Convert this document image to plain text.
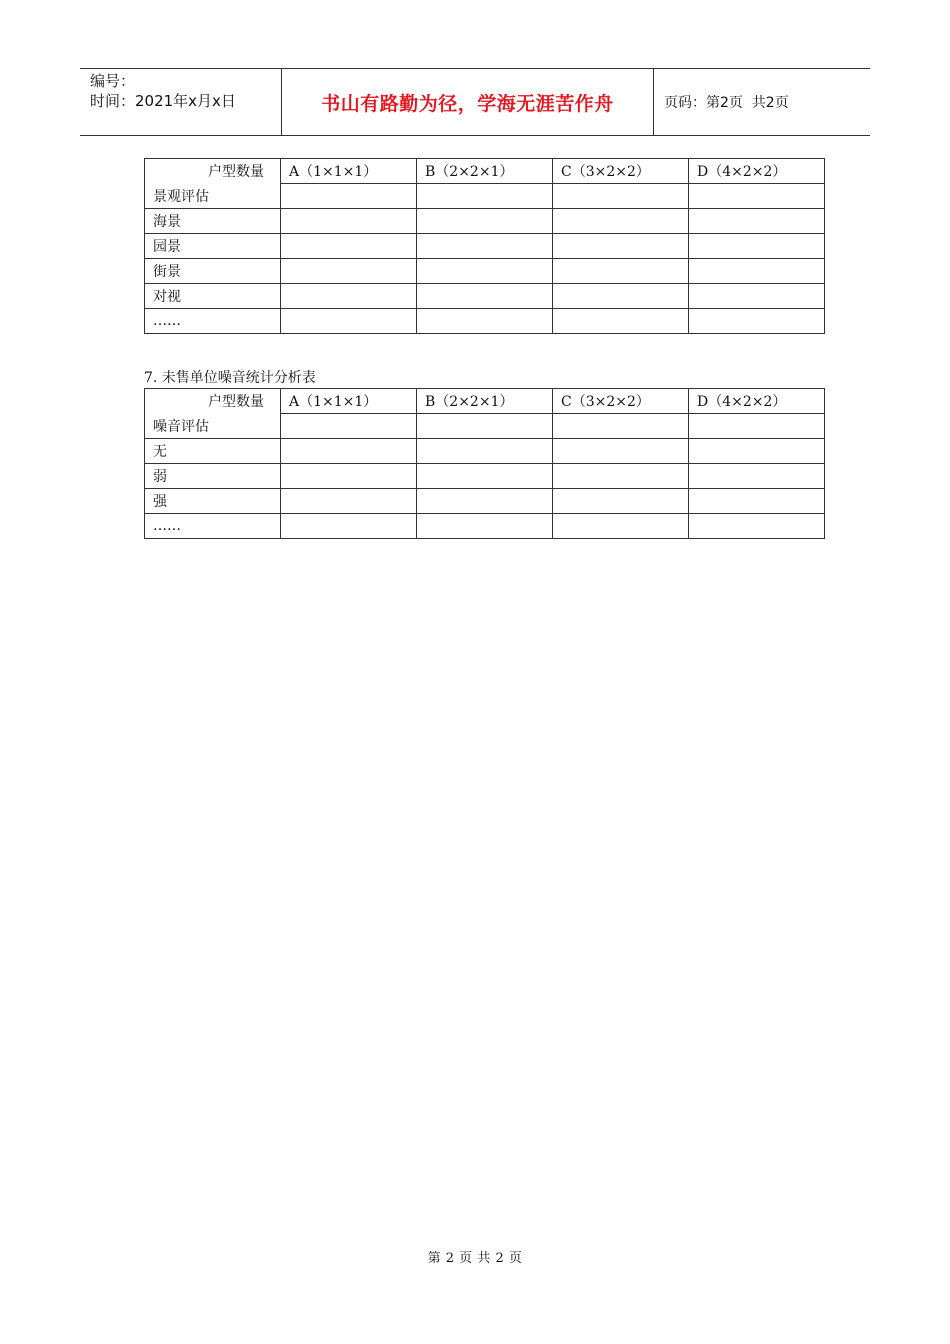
编号：
时间：2021年x月x日	书山有路勤为径，学海无涯苦作舟	页码：第2页  共2页
户型数量	A（1×1×1）	B（2×2×1）	C（3×2×2）	D（4×2×2）
景观评估				
海景				
园景				
街景				
对视				
……				
7. 未售单位噪音统计分析表
户型数量	A（1×1×1）	B（2×2×1）	C（3×2×2）	D（4×2×2）
噪音评估				
无				
弱				
强				
……				
第 2 页 共 2 页
